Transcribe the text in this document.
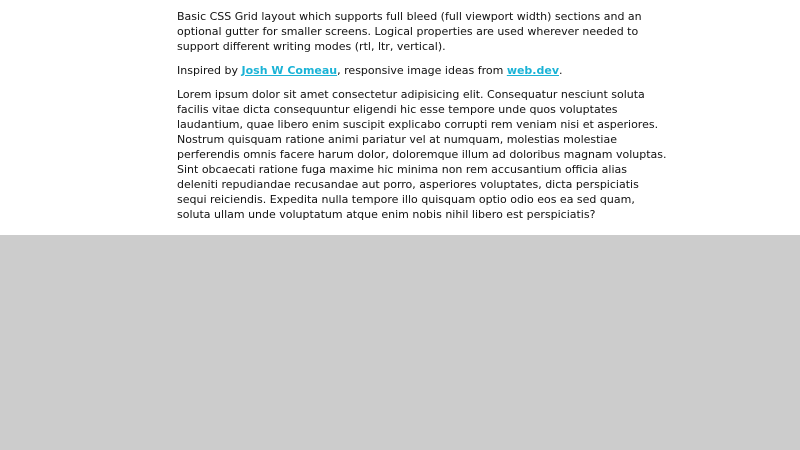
Basic CSS Grid layout which supports full bleed (full viewport width) sections and an
optional gutter for smaller screens. Logical properties are used wherever needed to
support different writing modes (rtl, ltr, vertical).

Inspired by Josh W Comeau, responsive image ideas from web.dev.

Lorem ipsum dolor sit amet consectetur adipisicing elit. Consequatur nesciunt soluta
facilis vitae dicta consequuntur eligendi hic esse tempore unde quos voluptates
laudantium, quae libero enim suscipit explicabo corrupti rem veniam nisi et asperiores.
Nostrum quisquam ratione animi pariatur vel at numquam, molestias molestiae
perferendis omnis facere harum dolor, doloremque illum ad doloribus magnam voluptas.
Sint obcaecati ratione fuga maxime hic minima non rem accusantium officia alias
deleniti repudiandae recusandae aut porro, asperiores voluptates, dicta perspiciatis
sequi reiciendis. Expedita nulla tempore illo quisquam optio odio eos ea sed quam,
soluta ullam unde voluptatum atque enim nobis nihil libero est perspiciatis?
